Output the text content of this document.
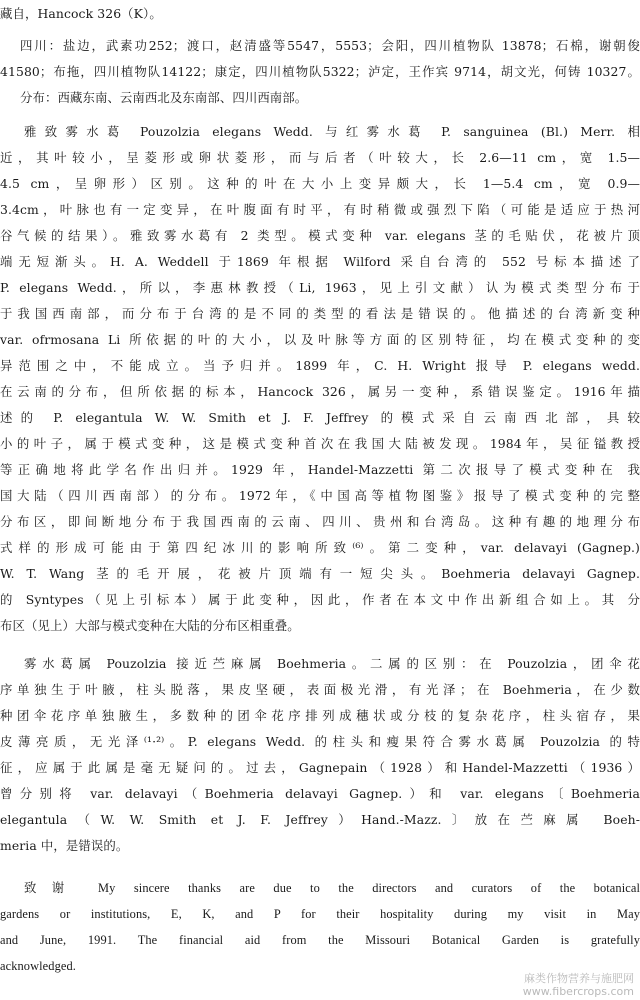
藏自，Hancock 326（K）。
四川：盐边，武素功252；渡口，赵清盛等5547，5553；会阳，四川植物队 13878；石棉，谢朝俊
41580；布拖，四川植物队14122；康定，四川植物队5322；泸定，王作宾 9714，胡文光，何铸 10327。
分布：西藏东南、云南西北及东南部、四川西南部。
雅致雾水葛 Pouzolzia elegans Wedd. 与红雾水葛 P. sanguinea (Bl.) Merr. 相
近，其叶较小，呈菱形或卵状菱形，而与后者（叶较大，长 2.6—11 cm，宽 1.5—
4.5 cm，呈卵形）区别。这种的叶在大小上变异颇大，长 1—5.4 cm，宽 0.9—
3.4cm，叶脉也有一定变异，在叶腹面有时平，有时稍微或强烈下陷（可能是适应于热河
谷气候的结果）。雅致雾水葛有 2 类型。模式变种 var. elegans 茎的毛贴伏，花被片顶
端无短渐头。H. A. Weddell 于1869 年根据 Wilford 采自台湾的 552 号标本描述了
P. elegans Wedd.，所以，李惠林教授（Li, 1963，见上引文献）认为模式类型分布于
于我国西南部，而分布于台湾的是不同的类型的看法是错误的。他描述的台湾新变种
var. ofrmosana Li 所依据的叶的大小，以及叶脉等方面的区别特征，均在模式变种的变
异范围之中，不能成立。当予归并。1899 年，C. H. Wright 报导 P. elegans wedd.
在云南的分布，但所依据的标本，Hancock 326，属另一变种，系错误鉴定。1916年描
述的 P. elegantula W. W. Smith et J. F. Jeffrey 的模式采自云南西北部，具较
小的叶子，属于模式变种，这是模式变种首次在我国大陆被发现。1984年，吴征镒教授
等正确地将此学名作出归并。1929 年，Handel-Mazzetti 第二次报导了模式变种在 我
国大陆（四川西南部）的分布。1972年，《中国高等植物图鉴》报导了模式变种的完整
分布区，即间断地分布于我国西南的云南、四川、贵州和台湾岛。这种有趣的地理分布
式样的形成可能由于第四纪冰川的影响所致⁽⁶⁾。第二变种，var. delavayi (Gagnep.)
W. T. Wang 茎的毛开展，花被片顶端有一短尖头。Boehmeria delavayi Gagnep.
的 Syntypes（见上引标本）属于此变种，因此，作者在本文中作出新组合如上。其 分
布区（见上）大部与模式变种在大陆的分布区相重叠。
雾水葛属 Pouzolzia 接近苎麻属 Boehmeria。二属的区别：在 Pouzolzia，团伞花
序单独生于叶腋，柱头脱落，果皮坚硬，表面极光滑，有光泽；在 Boehmeria，在少数
种团伞花序单独腋生，多数种的团伞花序排列成穗状或分枝的复杂花序，柱头宿存，果
皮薄亮质，无光泽⁽¹·²⁾。P. elegans Wedd. 的柱头和瘦果符合雾水葛属 Pouzolzia 的特
征，应属于此属是毫无疑问的。过去，Gagnepain（1928）和Handel-Mazzetti（1936）
曾分别将 var. delavayi（Boehmeria delavayi Gagnep.）和 var. elegans〔Boehmeria
elegantula（W. W. Smith et J. F. Jeffrey）Hand.-Mazz.〕放在苎麻属 Boeh-
meria 中，是错误的。
致谢 My sincere thanks are due to the directors and curators of the botanical
gardens or institutions, E, K, and P for their hospitality during my visit in May
and June, 1991. The financial aid from the Missouri Botanical Garden is gratefully
acknowledged.
麻类作物营养与施肥网
www.fibercrops.com
